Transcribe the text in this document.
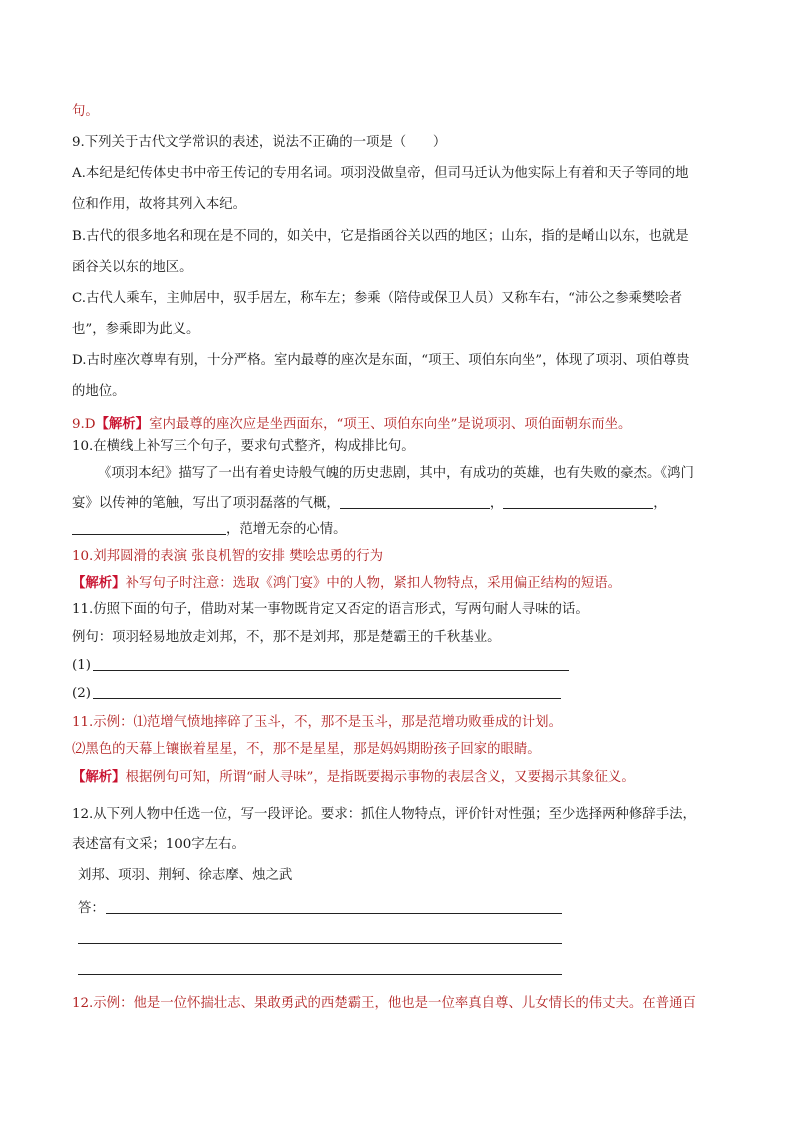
句。
9.下列关于古代文学常识的表述，说法不正确的一项是（　　）
A.本纪是纪传体史书中帝王传记的专用名词。项羽没做皇帝，但司马迁认为他实际上有着和天子等同的地
位和作用，故将其列入本纪。
B.古代的很多地名和现在是不同的，如关中，它是指函谷关以西的地区；山东，指的是崤山以东，也就是
函谷关以东的地区。
C.古代人乘车，主帅居中，驭手居左，称车左；参乘（陪侍或保卫人员）又称车右，“沛公之参乘樊哙者
也”，参乘即为此义。
D.古时座次尊卑有别，十分严格。室内最尊的座次是东面，“项王、项伯东向坐”，体现了项羽、项伯尊贵
的地位。
9.D【解析】室内最尊的座次应是坐西面东，“项王、项伯东向坐”是说项羽、项伯面朝东而坐。
10.在横线上补写三个句子，要求句式整齐，构成排比句。
《项羽本纪》描写了一出有着史诗般气魄的历史悲剧，其中，有成功的英雄，也有失败的豪杰。《鸿门
宴》以传神的笔触，写出了项羽磊落的气概，	，	，
，范增无奈的心情。
10.刘邦圆滑的表演 张良机智的安排 樊哙忠勇的行为
【解析】补写句子时注意：选取《鸿门宴》中的人物，紧扣人物特点，采用偏正结构的短语。
11.仿照下面的句子，借助对某一事物既肯定又否定的语言形式，写两句耐人寻味的话。
例句：项羽轻易地放走刘邦，不，那不是刘邦，那是楚霸王的千秋基业。
(1)
(2)
11.示例：⑴范增气愤地摔碎了玉斗，不，那不是玉斗，那是范增功败垂成的计划。
⑵黑色的天幕上镶嵌着星星，不，那不是星星，那是妈妈期盼孩子回家的眼睛。
【解析】根据例句可知，所谓“耐人寻味”，是指既要揭示事物的表层含义，又要揭示其象征义。
12.从下列人物中任选一位，写一段评论。要求：抓住人物特点，评价针对性强；至少选择两种修辞手法，
表述富有文采；100字左右。
刘邦、项羽、荆轲、徐志摩、烛之武
答：
12.示例：他是一位怀揣壮志、果敢勇武的西楚霸王，他也是一位率真自尊、儿女情长的伟丈夫。在普通百
